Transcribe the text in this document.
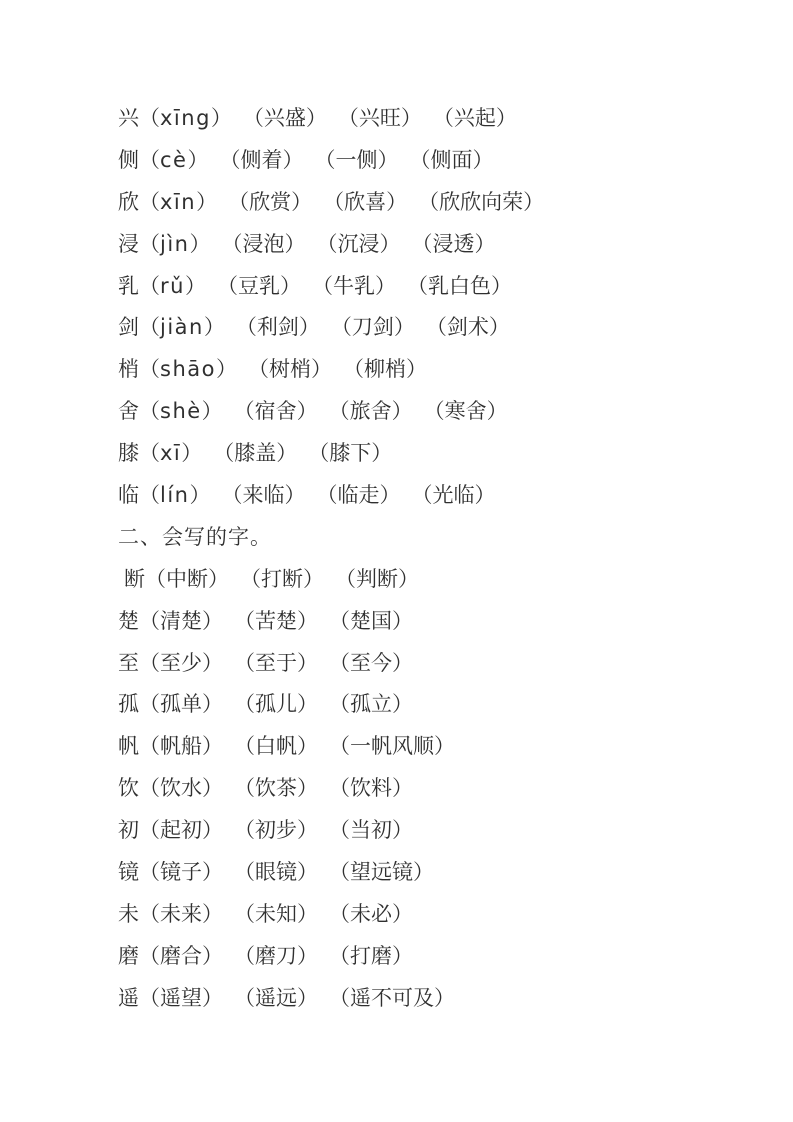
兴 （xīng） （兴盛） （兴旺） （兴起）
侧 （cè） （侧着） （一侧） （侧面）
欣 （xīn） （欣赏） （欣喜） （欣欣向荣）
浸 （jìn） （浸泡） （沉浸） （浸透）
乳 （rǔ） （豆乳） （牛乳） （乳白色）
剑 （jiàn） （利剑） （刀剑） （剑术）
梢 （shāo） （树梢） （柳梢）
舍 （shè） （宿舍） （旅舍） （寒舍）
膝 （xī） （膝盖） （膝下）
临 （lín） （来临） （临走） （光临）
二、会写的字。
断 （中断） （打断） （判断）
楚 （清楚） （苦楚） （楚国）
至 （至少） （至于） （至今）
孤 （孤单） （孤儿） （孤立）
帆 （帆船） （白帆） （一帆风顺）
饮 （饮水） （饮茶） （饮料）
初 （起初） （初步） （当初）
镜 （镜子） （眼镜） （望远镜）
未 （未来） （未知） （未必）
磨 （磨合） （磨刀） （打磨）
遥 （遥望） （遥远） （遥不可及）
